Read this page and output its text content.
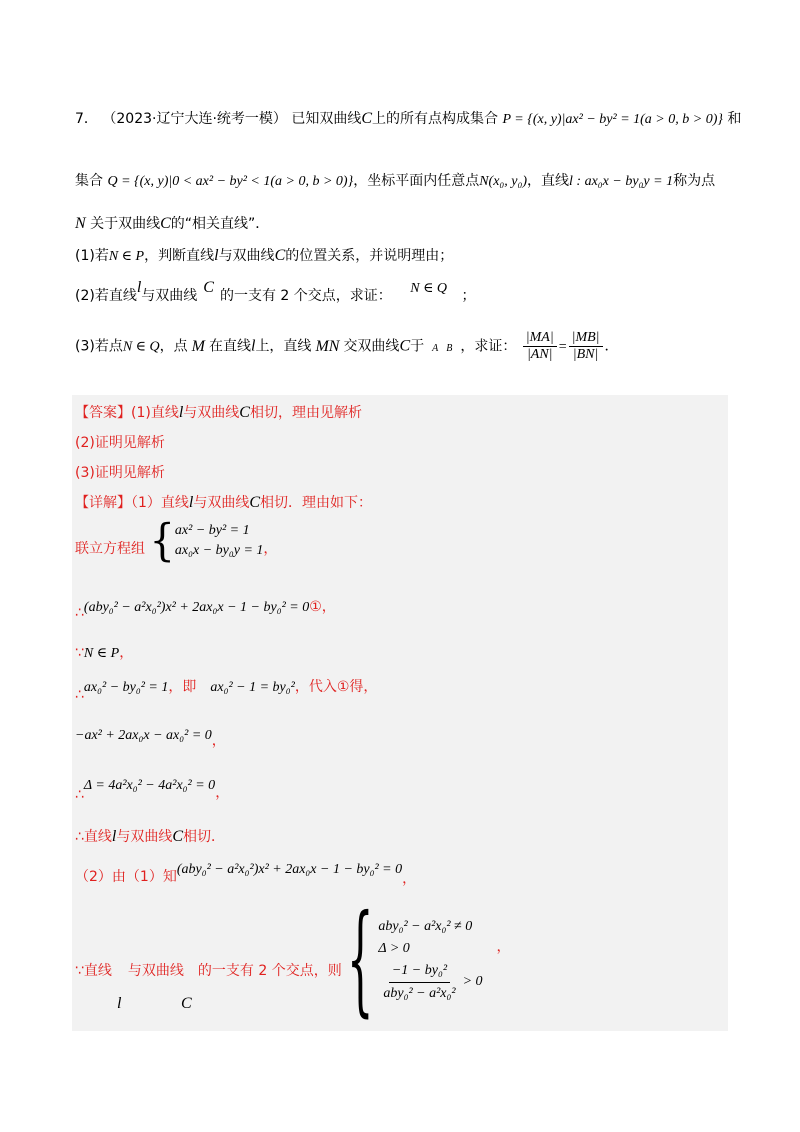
7． （2023·辽宁大连·统考一模） 已知双曲线C上的所有点构成集合 P = {(x, y)|ax² − by² = 1(a > 0, b > 0)} 和
集合 Q = {(x, y)|0 < ax² − by² < 1(a > 0, b > 0)}，坐标平面内任意点N(x₀, y₀)，直线l : ax₀x − by₀y = 1称为点
N 关于双曲线C的“相关直线”．
(1)若N ∈ P，判断直线l与双曲线C的位置关系，并说明理由；
(2)若直线l与双曲线 C 的一支有 2 个交点，求证： N ∈ Q ；
(3)若点N ∈ Q，点 M 在直线l上，直线 MN 交双曲线C于 A B ，求证： $\frac{|MA|}{|AN|} = \frac{|MB|}{|BN|}$ ．
【答案】(1)直线l与双曲线C相切，理由见解析
(2)证明见解析
(3)证明见解析
【详解】（1）直线l与双曲线C相切．理由如下：
联立方程组 { ax² − by² = 1
ax₀x − by₀y = 1 ，
∴(aby₀² − a²x₀²)x² + 2ax₀x − 1 − by₀² = 0①，
∵N ∈ P，
∴ax₀² − by₀² = 1，即 ax₀² − 1 = by₀²，代入①得，
−ax² + 2ax₀x − ax₀² = 0，
∴Δ = 4a²x₀² − 4a²x₀² = 0，
∴直线l与双曲线C相切．
（2）由（1）知(aby₀² − a²x₀²)x² + 2ax₀x − 1 − by₀² = 0，
∵直线 与双曲线 的一支有 2 个交点，则
l	C { aby₀² − a²x₀² ≠ 0
Δ > 0
$\frac{\text{−1 − by₀²}}{\text{aby₀² − a²x₀²}} > 0$
，
